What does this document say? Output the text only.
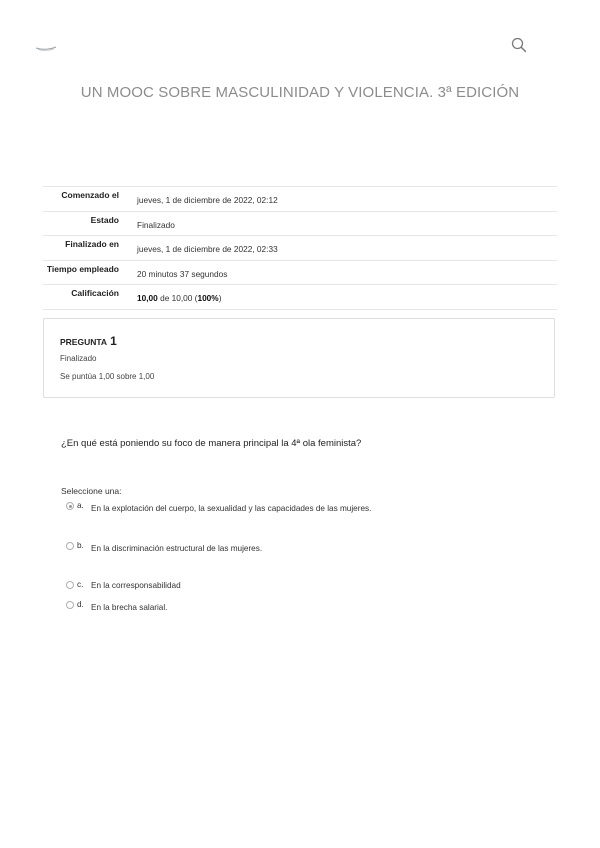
UN MOOC SOBRE MASCULINIDAD Y VIOLENCIA. 3ª EDICIÓN
Comenzado el	jueves, 1 de diciembre de 2022, 02:12
Estado	Finalizado
Finalizado en	jueves, 1 de diciembre de 2022, 02:33
Tiempo empleado	20 minutos 37 segundos
Calificación	10,00 de 10,00 (100%)
PREGUNTA 1
Finalizado
Se puntúa 1,00 sobre 1,00
¿En qué está poniendo su foco de manera principal la 4ª ola feminista?
Seleccione una:
a. En la explotación del cuerpo, la sexualidad y las capacidades de las mujeres.
b. En la discriminación estructural de las mujeres.
c. En la corresponsabilidad
d. En la brecha salarial.
